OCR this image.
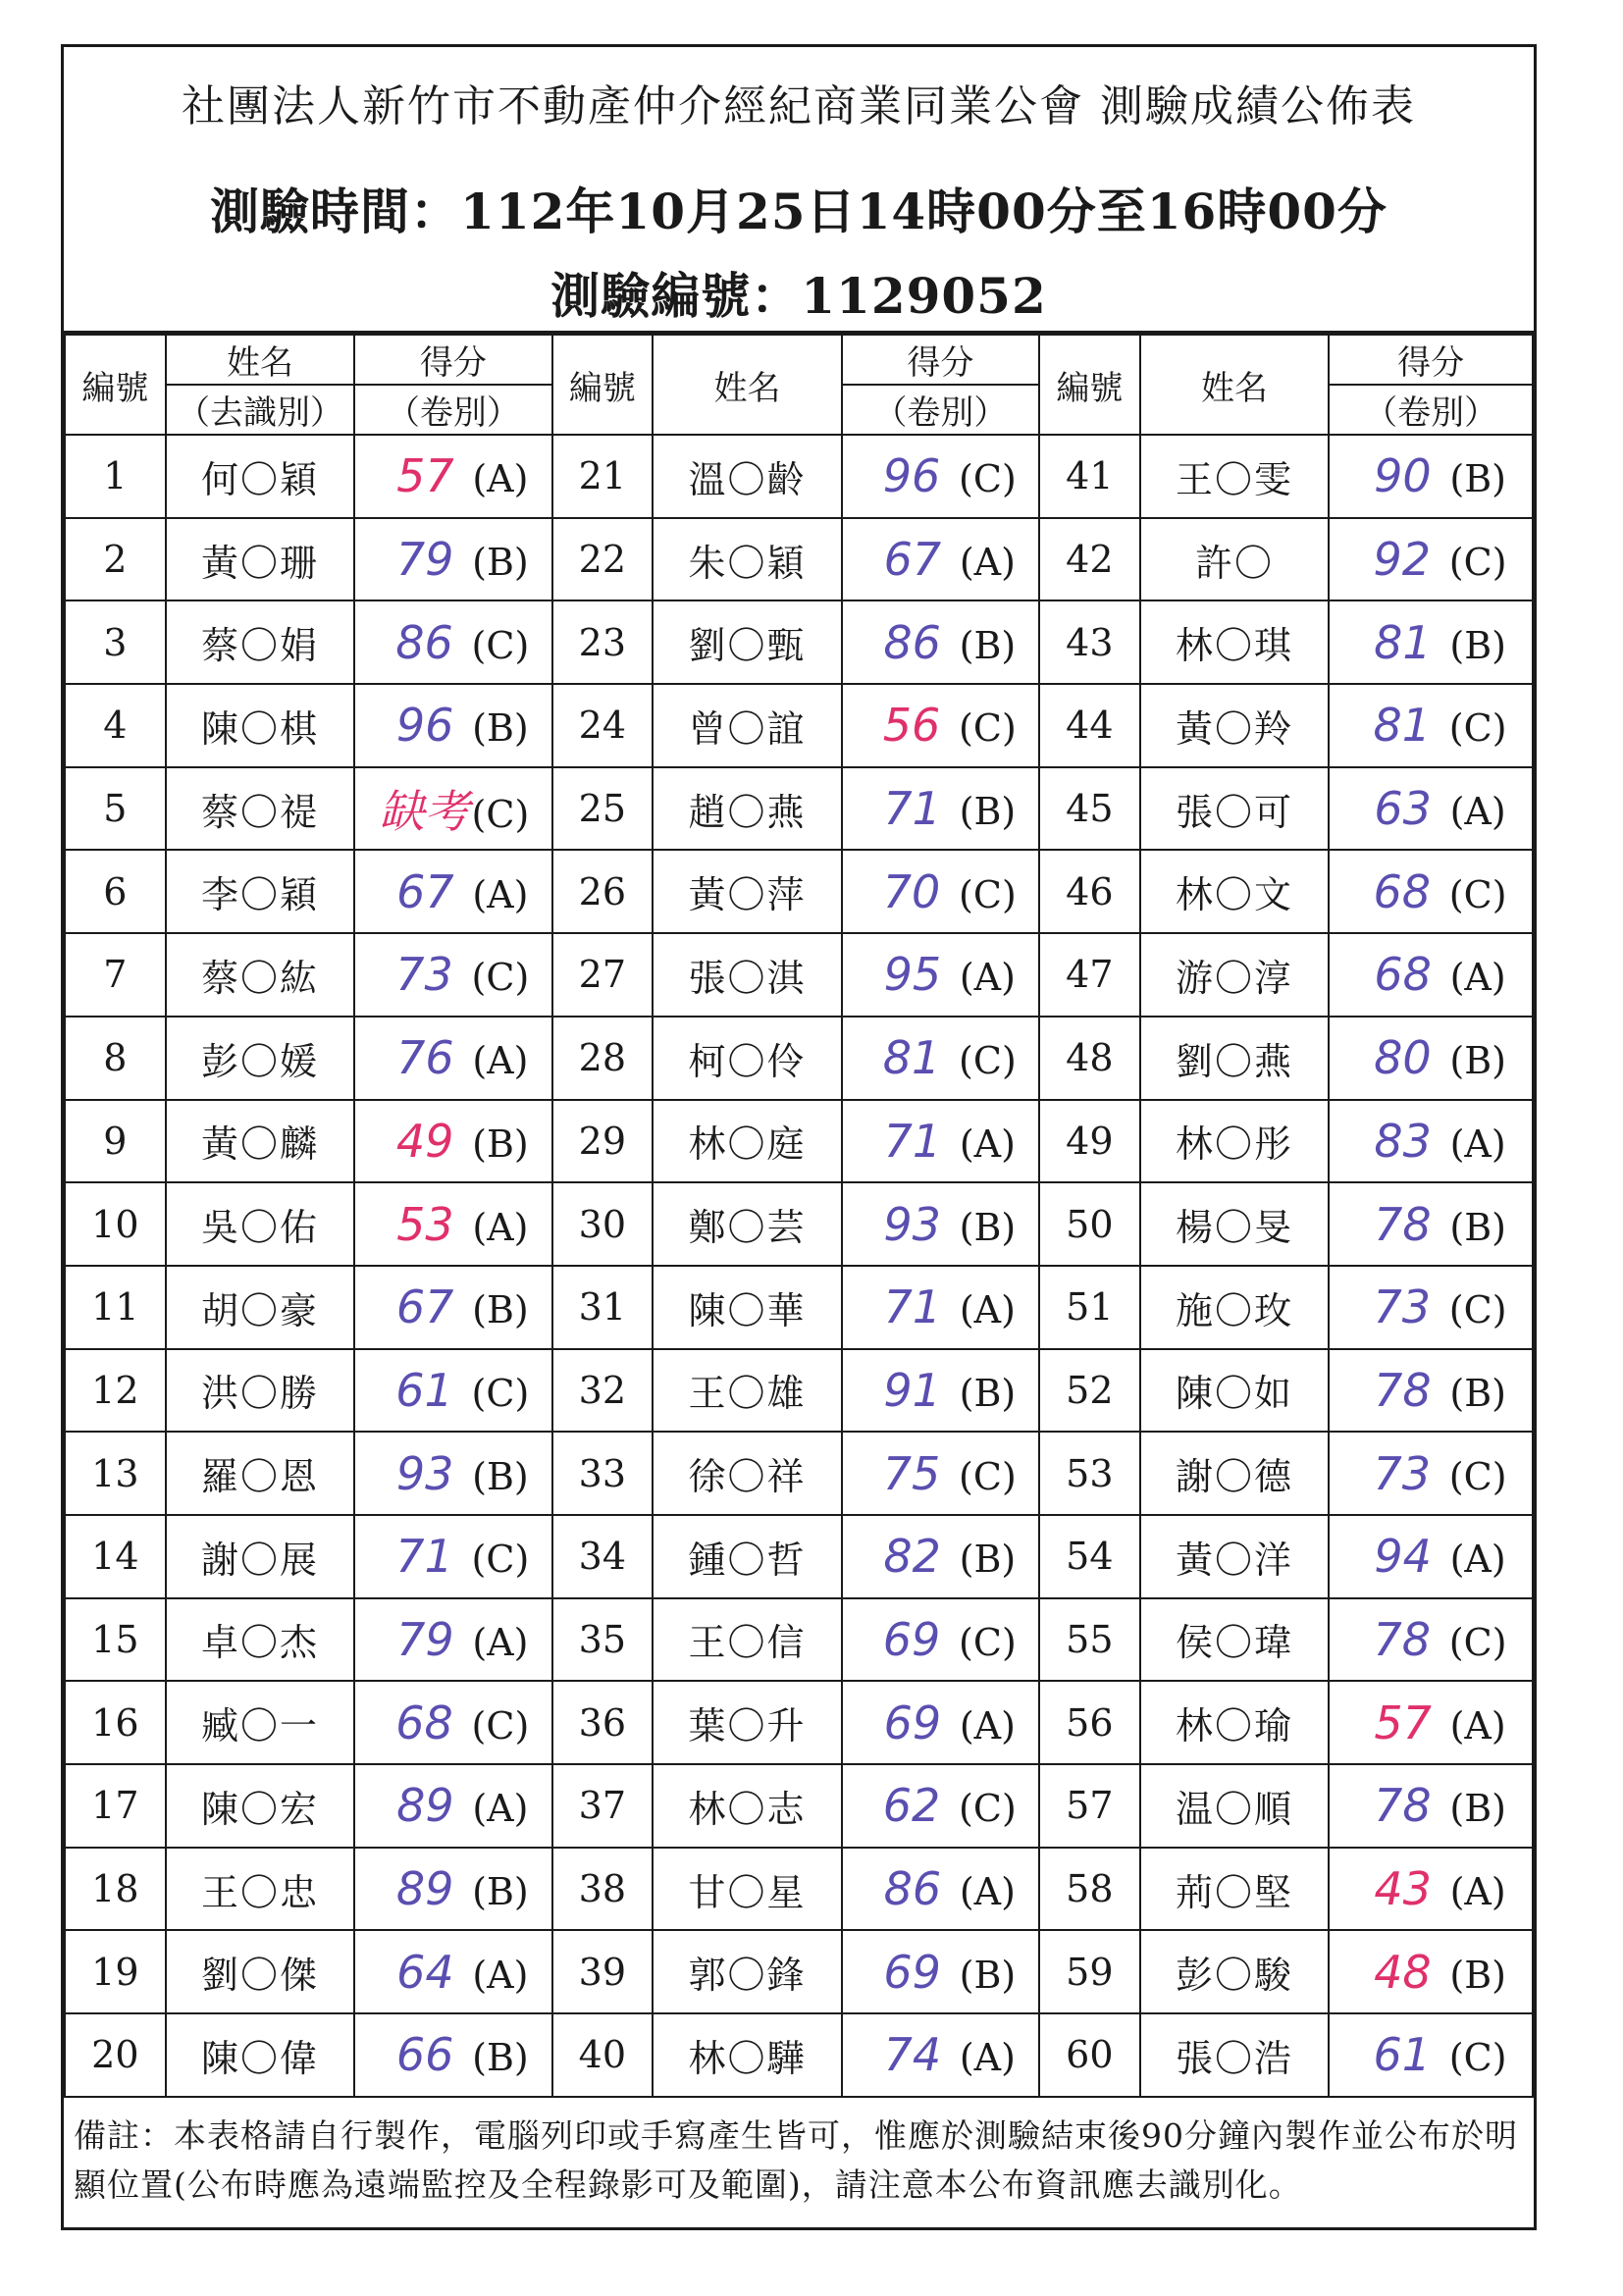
社團法人新竹市不動產仲介經紀商業同業公會 測驗成績公佈表
測驗時間：112年10月25日14時00分至16時00分
測驗編號：1129052
編號	姓名	得分	編號	姓名	得分	編號	姓名	得分
	（去識別）	（卷別）			（卷別）			（卷別）
1	何〇穎	57 (A)	21	溫〇齡	96 (C)	41	王〇雯	90 (B)
2	黃〇珊	79 (B)	22	朱〇穎	67 (A)	42	許〇	92 (C)
3	蔡〇娟	86 (C)	23	劉〇甄	86 (B)	43	林〇琪	81 (B)
4	陳〇棋	96 (B)	24	曾〇誼	56 (C)	44	黃〇羚	81 (C)
5	蔡〇禔	缺考(C)	25	趙〇燕	71 (B)	45	張〇可	63 (A)
6	李〇穎	67 (A)	26	黃〇萍	70 (C)	46	林〇文	68 (C)
7	蔡〇紘	73 (C)	27	張〇淇	95 (A)	47	游〇淳	68 (A)
8	彭〇媛	76 (A)	28	柯〇伶	81 (C)	48	劉〇燕	80 (B)
9	黃〇麟	49 (B)	29	林〇庭	71 (A)	49	林〇彤	83 (A)
10	吳〇佑	53 (A)	30	鄭〇芸	93 (B)	50	楊〇旻	78 (B)
11	胡〇豪	67 (B)	31	陳〇華	71 (A)	51	施〇玫	73 (C)
12	洪〇勝	61 (C)	32	王〇雄	91 (B)	52	陳〇如	78 (B)
13	羅〇恩	93 (B)	33	徐〇祥	75 (C)	53	謝〇德	73 (C)
14	謝〇展	71 (C)	34	鍾〇哲	82 (B)	54	黃〇洋	94 (A)
15	卓〇杰	79 (A)	35	王〇信	69 (C)	55	侯〇瑋	78 (C)
16	臧〇一	68 (C)	36	葉〇升	69 (A)	56	林〇瑜	57 (A)
17	陳〇宏	89 (A)	37	林〇志	62 (C)	57	温〇順	78 (B)
18	王〇忠	89 (B)	38	甘〇星	86 (A)	58	荊〇堅	43 (A)
19	劉〇傑	64 (A)	39	郭〇鋒	69 (B)	59	彭〇駿	48 (B)
20	陳〇偉	66 (B)	40	林〇驊	74 (A)	60	張〇浩	61 (C)
備註：本表格請自行製作，電腦列印或手寫產生皆可，惟應於測驗結束後90分鐘內製作並公布於明顯位置(公布時應為遠端監控及全程錄影可及範圍)，請注意本公布資訊應去識別化。
